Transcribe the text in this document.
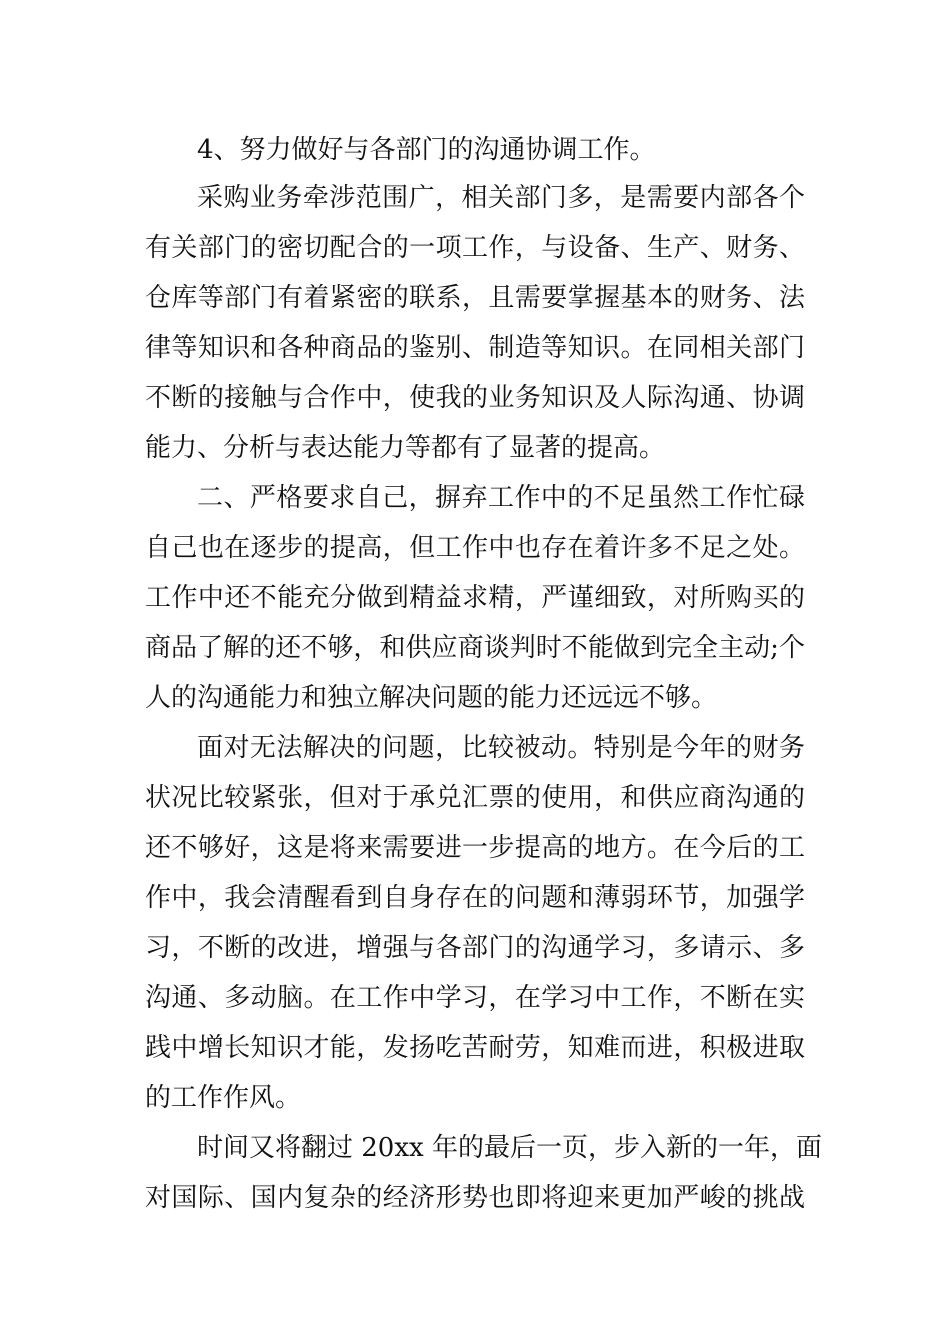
4、努力做好与各部门的沟通协调工作。
采购业务牵涉范围广，相关部门多，是需要内部各个
有关部门的密切配合的一项工作，与设备、生产、财务、
仓库等部门有着紧密的联系，且需要掌握基本的财务、法
律等知识和各种商品的鉴别、制造等知识。在同相关部门
不断的接触与合作中，使我的业务知识及人际沟通、协调
能力、分析与表达能力等都有了显著的提高。
二、严格要求自己，摒弃工作中的不足虽然工作忙碌
自己也在逐步的提高，但工作中也存在着许多不足之处。
工作中还不能充分做到精益求精，严谨细致，对所购买的
商品了解的还不够，和供应商谈判时不能做到完全主动;个
人的沟通能力和独立解决问题的能力还远远不够。
面对无法解决的问题，比较被动。特别是今年的财务
状况比较紧张，但对于承兑汇票的使用，和供应商沟通的
还不够好，这是将来需要进一步提高的地方。在今后的工
作中，我会清醒看到自身存在的问题和薄弱环节，加强学
习，不断的改进，增强与各部门的沟通学习，多请示、多
沟通、多动脑。在工作中学习，在学习中工作，不断在实
践中增长知识才能，发扬吃苦耐劳，知难而进，积极进取
的工作作风。
时间又将翻过 20xx 年的最后一页，步入新的一年，面
对国际、国内复杂的经济形势也即将迎来更加严峻的挑战
